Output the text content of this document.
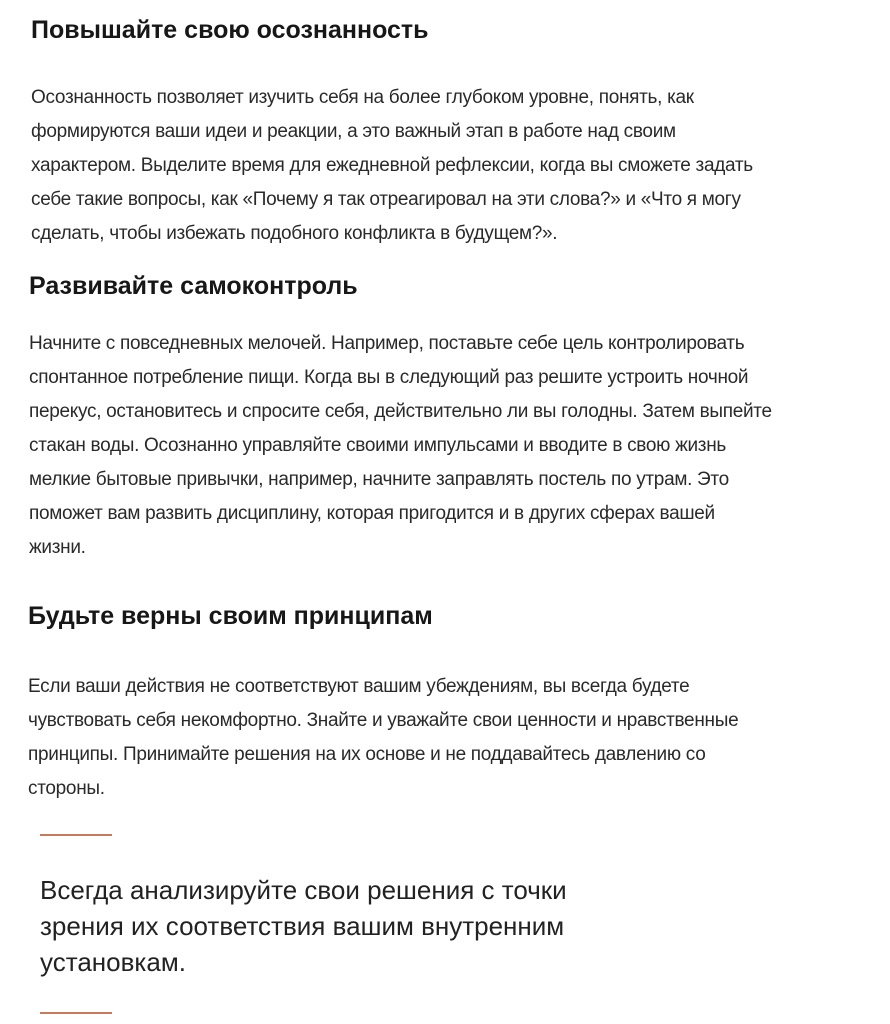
Повышайте свою осознанность

Осознанность позволяет изучить себя на более глубоком уровне, понять, как
формируются ваши идеи и реакции, а это важный этап в работе над своим
характером. Выделите время для ежедневной рефлексии, когда вы сможете задать
себе такие вопросы, как «Почему я так отреагировал на эти слова?» и «Что я могу
сделать, чтобы избежать подобного конфликта в будущем?».

Развивайте самоконтроль

Начните с повседневных мелочей. Например, поставьте себе цель контролировать
спонтанное потребление пищи. Когда вы в следующий раз решите устроить ночной
перекус, остановитесь и спросите себя, действительно ли вы голодны. Затем выпейте
стакан воды. Осознанно управляйте своими импульсами и вводите в свою жизнь
мелкие бытовые привычки, например, начните заправлять постель по утрам. Это
поможет вам развить дисциплину, которая пригодится и в других сферах вашей
жизни.

Будьте верны своим принципам

Если ваши действия не соответствуют вашим убеждениям, вы всегда будете
чувствовать себя некомфортно. Знайте и уважайте свои ценности и нравственные
принципы. Принимайте решения на их основе и не поддавайтесь давлению со
стороны.

Всегда анализируйте свои решения с точки
зрения их соответствия вашим внутренним
установкам.
